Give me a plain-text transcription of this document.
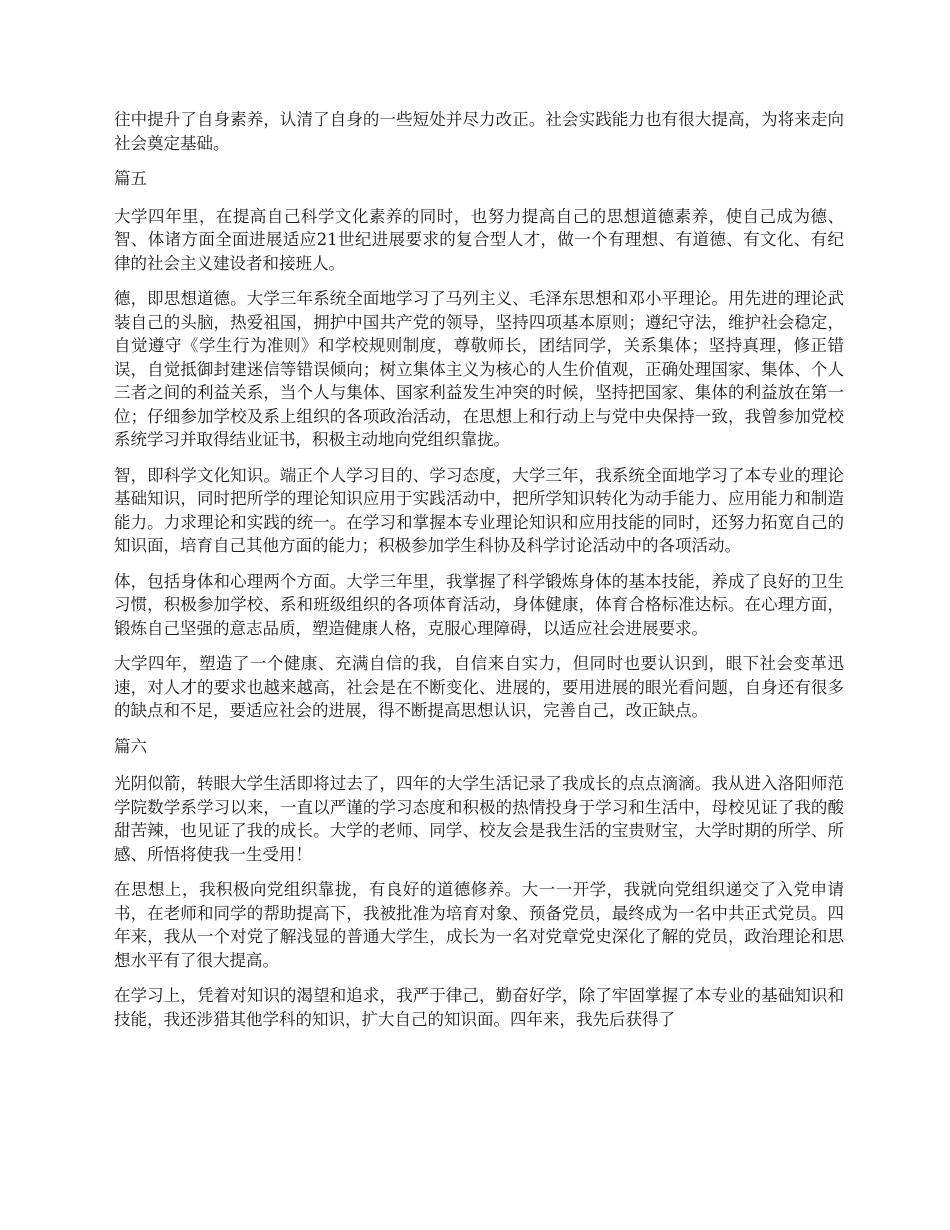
往中提升了自身素养，认清了自身的一些短处并尽力改正。社会实践能力也有很大提高，为将来走向社会奠定基础。

篇五

大学四年里，在提高自己科学文化素养的同时，也努力提高自己的思想道德素养，使自己成为德、智、体诸方面全面进展适应21世纪进展要求的复合型人才，做一个有理想、有道德、有文化、有纪律的社会主义建设者和接班人。

德，即思想道德。大学三年系统全面地学习了马列主义、毛泽东思想和邓小平理论。用先进的理论武装自己的头脑，热爱祖国，拥护中国共产党的领导，坚持四项基本原则；遵纪守法，维护社会稳定，自觉遵守《学生行为准则》和学校规则制度，尊敬师长，团结同学，关系集体；坚持真理，修正错误，自觉抵御封建迷信等错误倾向；树立集体主义为核心的人生价值观，正确处理国家、集体、个人三者之间的利益关系，当个人与集体、国家利益发生冲突的时候，坚持把国家、集体的利益放在第一位；仔细参加学校及系上组织的各项政治活动，在思想上和行动上与党中央保持一致，我曾参加党校系统学习并取得结业证书，积极主动地向党组织靠拢。

智，即科学文化知识。端正个人学习目的、学习态度，大学三年，我系统全面地学习了本专业的理论基础知识，同时把所学的理论知识应用于实践活动中，把所学知识转化为动手能力、应用能力和制造能力。力求理论和实践的统一。在学习和掌握本专业理论知识和应用技能的同时，还努力拓宽自己的知识面，培育自己其他方面的能力；积极参加学生科协及科学讨论活动中的各项活动。

体，包括身体和心理两个方面。大学三年里，我掌握了科学锻炼身体的基本技能，养成了良好的卫生习惯，积极参加学校、系和班级组织的各项体育活动，身体健康，体育合格标准达标。在心理方面，锻炼自己坚强的意志品质，塑造健康人格，克服心理障碍，以适应社会进展要求。

大学四年，塑造了一个健康、充满自信的我，自信来自实力，但同时也要认识到，眼下社会变革迅速，对人才的要求也越来越高，社会是在不断变化、进展的，要用进展的眼光看问题，自身还有很多的缺点和不足，要适应社会的进展，得不断提高思想认识，完善自己，改正缺点。

篇六

光阴似箭，转眼大学生活即将过去了，四年的大学生活记录了我成长的点点滴滴。我从进入洛阳师范学院数学系学习以来，一直以严谨的学习态度和积极的热情投身于学习和生活中，母校见证了我的酸甜苦辣，也见证了我的成长。大学的老师、同学、校友会是我生活的宝贵财宝，大学时期的所学、所感、所悟将使我一生受用！

在思想上，我积极向党组织靠拢，有良好的道德修养。大一一开学，我就向党组织递交了入党申请书，在老师和同学的帮助提高下，我被批准为培育对象、预备党员，最终成为一名中共正式党员。四年来，我从一个对党了解浅显的普通大学生，成长为一名对党章党史深化了解的党员，政治理论和思想水平有了很大提高。

在学习上，凭着对知识的渴望和追求，我严于律己，勤奋好学，除了牢固掌握了本专业的基础知识和技能，我还涉猎其他学科的知识，扩大自己的知识面。四年来，我先后获得了
